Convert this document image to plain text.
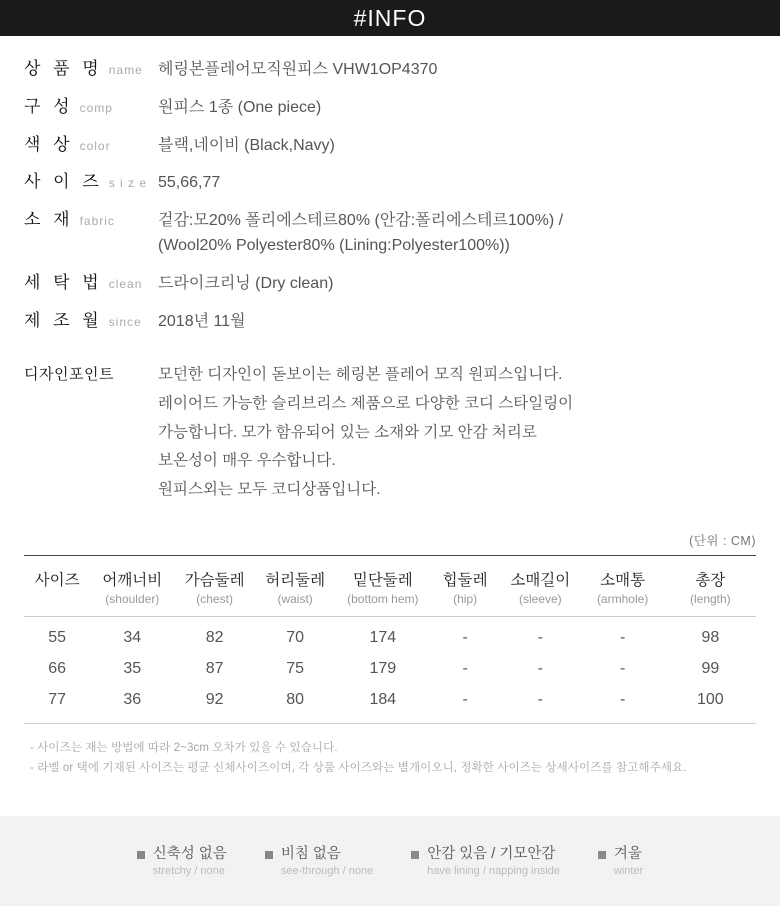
#INFO
상 품 명 name 헤링본플레어모직원피스 VHW1OP4370
구 성 comp	원피스 1종 (One piece)
색 상 color	블랙,네이비 (Black,Navy)
사 이 즈 s i z e 55,66,77
소 재 fabric	겉감:모20% 폴리에스테르80% (안감:폴리에스테르100%) /
(Wool20% Polyester80% (Lining:Polyester100%))
세 탁 법 clean 드라이크리닝 (Dry clean)
제 조 월 since 2018년 11월
디자인포인트	모던한 디자인이 돋보이는 헤링본 플레어 모직 원피스입니다.
레이어드 가능한 슬리브리스 제품으로 다양한 코디 스타일링이
가능합니다. 모가 함유되어 있는 소재와 기모 안감 처리로
보온성이 매우 우수합니다.
원피스외는 모두 코디상품입니다.
(단위 : CM)
사이즈	어깨너비	가슴둘레	허리둘레	밑단둘레	힙둘레	소매길이	소매통	총장
	(shoulder)	(chest)	(waist)	(bottom hem)	(hip)	(sleeve)	(armhole)	(length)
55	34	82	70	174	-	-	-	98
66	35	87	75	179	-	-	-	99
77	36	92	80	184	-	-	-	100
- 사이즈는 재는 방법에 따라 2~3cm 오차가 있을 수 있습니다.
- 라벨 or 택에 기재된 사이즈는 평균 신체사이즈이며, 각 상품 사이즈와는 별개이오니, 정확한 사이즈는 상세사이즈를 참고해주세요.
신축성 없음
stretchy / none
비침 없음
see-through / none
안감 있음 / 기모안감
have lining / napping inside
겨울
winter
